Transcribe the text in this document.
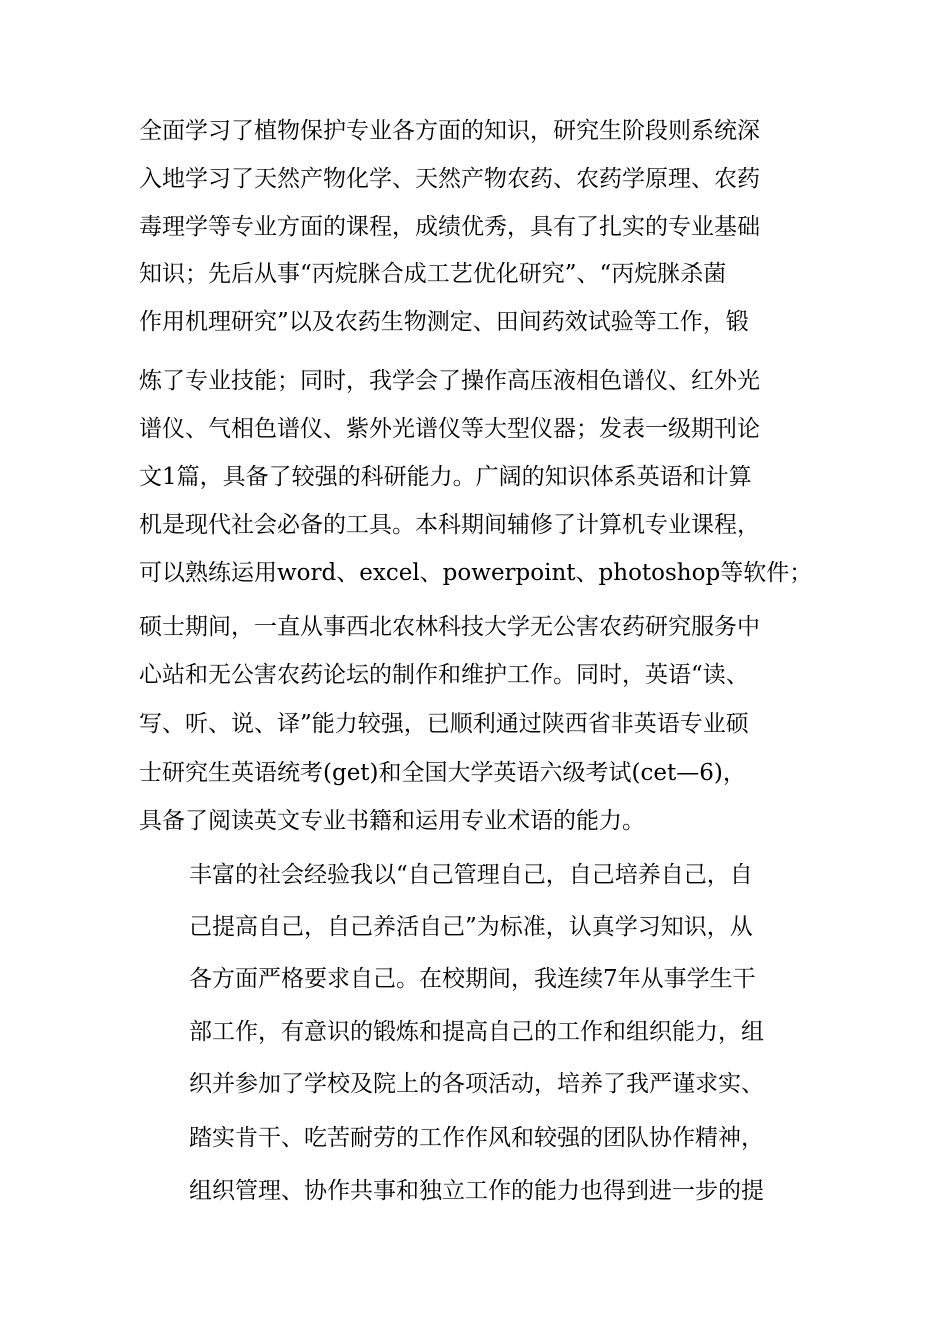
全面学习了植物保护专业各方面的知识，研究生阶段则系统深
入地学习了天然产物化学、天然产物农药、农药学原理、农药
毒理学等专业方面的课程，成绩优秀，具有了扎实的专业基础
知识；先后从事“丙烷脒合成工艺优化研究”、“丙烷脒杀菌
作用机理研究”以及农药生物测定、田间药效试验等工作，锻
炼了专业技能；同时，我学会了操作高压液相色谱仪、红外光
谱仪、气相色谱仪、紫外光谱仪等大型仪器；发表一级期刊论
文1篇，具备了较强的科研能力。广阔的知识体系英语和计算
机是现代社会必备的工具。本科期间辅修了计算机专业课程，
可以熟练运用word、excel、powerpoint、photoshop等软件；
硕士期间，一直从事西北农林科技大学无公害农药研究服务中
心站和无公害农药论坛的制作和维护工作。同时，英语“读、
写、听、说、译”能力较强，已顺利通过陕西省非英语专业硕
士研究生英语统考(get)和全国大学英语六级考试(cet—6)，
具备了阅读英文专业书籍和运用专业术语的能力。
丰富的社会经验我以“自己管理自己，自己培养自己，自
己提高自己，自己养活自己”为标准，认真学习知识，从
各方面严格要求自己。在校期间，我连续7年从事学生干
部工作，有意识的锻炼和提高自己的工作和组织能力，组
织并参加了学校及院上的各项活动，培养了我严谨求实、
踏实肯干、吃苦耐劳的工作作风和较强的团队协作精神，
组织管理、协作共事和独立工作的能力也得到进一步的提
